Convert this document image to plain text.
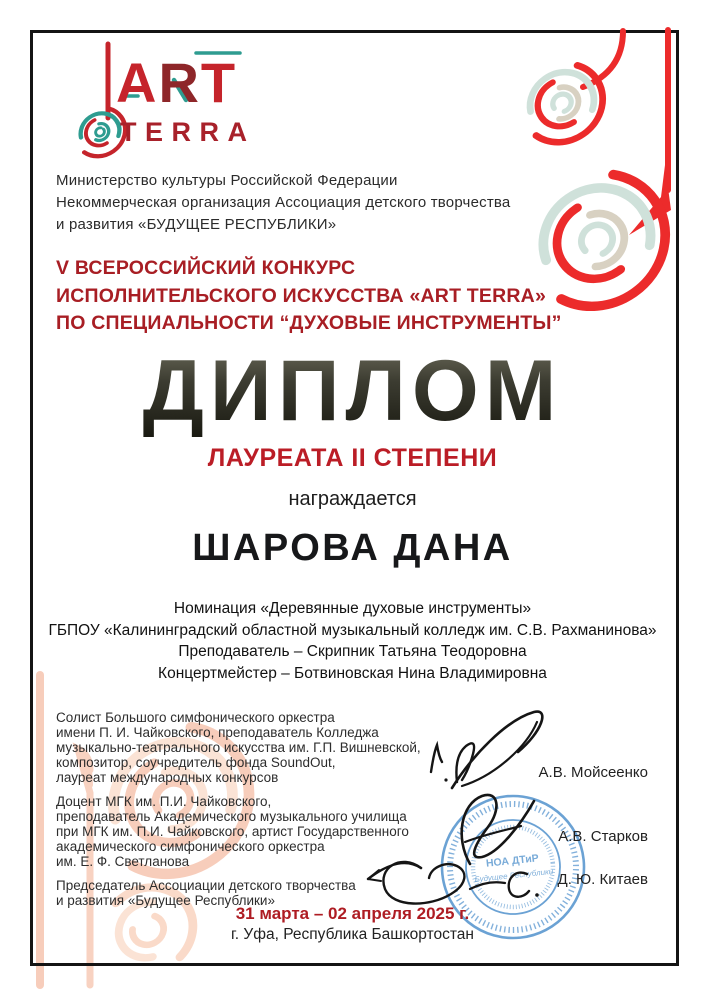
ART
TERRA
Министерство культуры Российской Федерации
Некоммерческая организация Ассоциация детского творчества
и развития «БУДУЩЕЕ РЕСПУБЛИКИ»
V ВСЕРОССИЙСКИЙ КОНКУРС
ИСПОЛНИТЕЛЬСКОГО ИСКУССТВА «ART TERRA»
ПО СПЕЦИАЛЬНОСТИ “ДУХОВЫЕ ИНСТРУМЕНТЫ”
ДИПЛОМ
ЛАУРЕАТА II СТЕПЕНИ
награждается
ШАРОВА ДАНА
Номинация «Деревянные духовые инструменты»
ГБПОУ «Калининградский областной музыкальный колледж им. С.В. Рахманинова»
Преподаватель – Скрипник Татьяна Теодоровна
Концертмейстер – Ботвиновская Нина Владимировна
Солист Большого симфонического оркестра
имени П. И. Чайковского, преподаватель Колледжа
музыкально-театрального искусства им. Г.П. Вишневской,
композитор, соучредитель фонда SoundOut,
лауреат международных конкурсов
Доцент МГК им. П.И. Чайковского,
преподаватель Академического музыкального училища
при МГК им. П.И. Чайковского, артист Государственного
академического симфонического оркестра
им. Е. Ф. Светланова
Председатель Ассоциации детского творчества
и развития «Будущее Республики»
А.В. Мойсеенко
А.В. Старков
Д. Ю. Китаев
НОА ДТиР
Будущее Республики
31 марта – 02 апреля 2025 г.
г. Уфа, Республика Башкортостан
